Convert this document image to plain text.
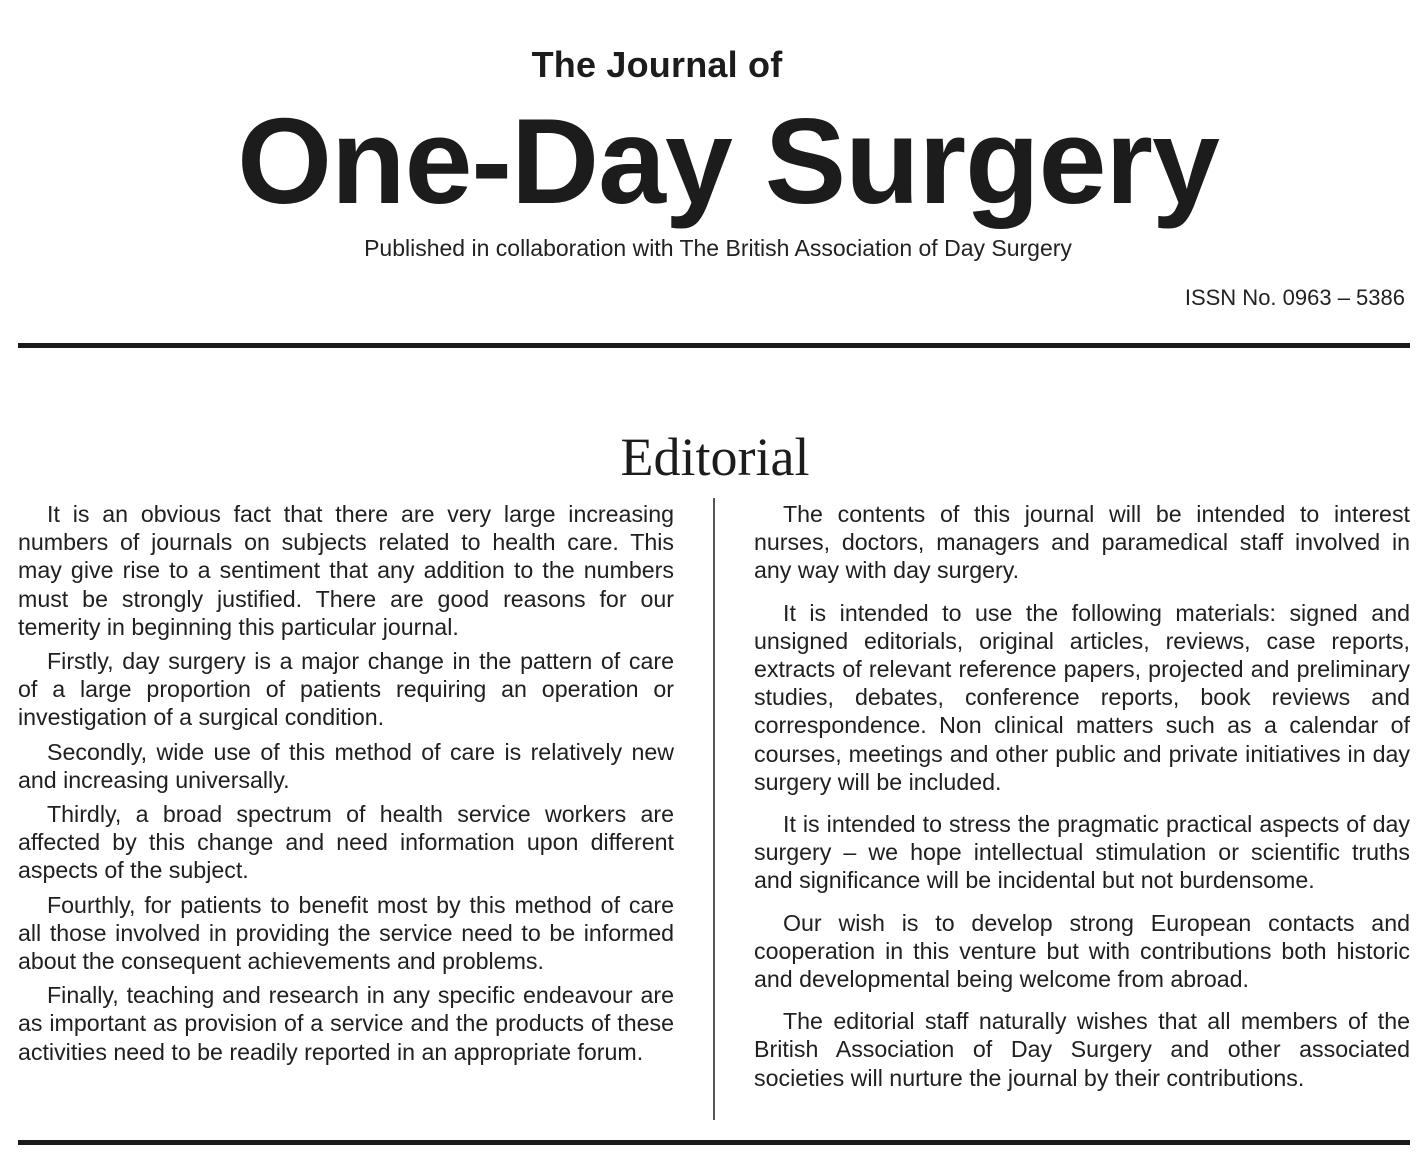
The Journal of
One-Day Surgery
Published in collaboration with The British Association of Day Surgery
ISSN No. 0963 – 5386
Editorial

It is an obvious fact that there are very large increasing numbers of journals on subjects related to health care. This may give rise to a sentiment that any addition to the numbers must be strongly justified. There are good reasons for our temerity in beginning this particular journal.

Firstly, day surgery is a major change in the pattern of care of a large proportion of patients requiring an operation or investigation of a surgical condition.

Secondly, wide use of this method of care is relatively new and increasing universally.

Thirdly, a broad spectrum of health service workers are affected by this change and need information upon different aspects of the subject.

Fourthly, for patients to benefit most by this method of care all those involved in providing the service need to be informed about the consequent achievements and problems.

Finally, teaching and research in any specific endeavour are as important as provision of a service and the products of these activities need to be readily reported in an appropriate forum.

The contents of this journal will be intended to interest nurses, doctors, managers and paramedical staff involved in any way with day surgery.

It is intended to use the following materials: signed and unsigned editorials, original articles, reviews, case reports, extracts of relevant reference papers, projected and preliminary studies, debates, conference reports, book reviews and correspondence. Non clinical matters such as a calendar of courses, meetings and other public and private initiatives in day surgery will be included.

It is intended to stress the pragmatic practical aspects of day surgery – we hope intellectual stimulation or scientific truths and significance will be incidental but not burdensome.

Our wish is to develop strong European contacts and cooperation in this venture but with contributions both historic and developmental being welcome from abroad.

The editorial staff naturally wishes that all members of the British Association of Day Surgery and other associated societies will nurture the journal by their contributions.
